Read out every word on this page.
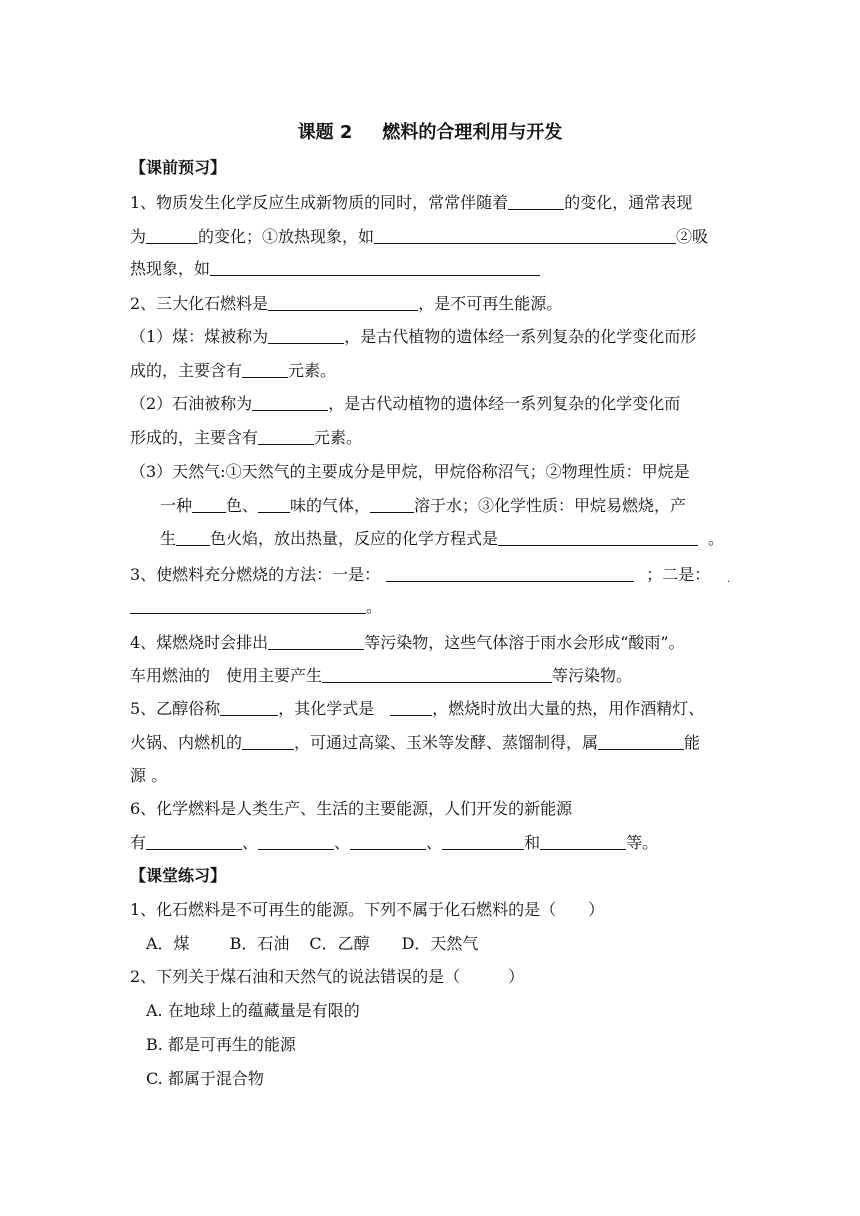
课题 2 燃料的合理利用与开发
【课前预习】
1、物质发生化学反应生成新物质的同时，常常伴随着	的变化，通常表现
为	的变化；①放热现象，如	②吸
热现象，如
2、三大化石燃料是	，是不可再生能源。
（1）煤：煤被称为	，是古代植物的遗体经一系列复杂的化学变化而形
成的，主要含有	元素。
（2）石油被称为	，是古代动植物的遗体经一系列复杂的化学变化而
形成的，主要含有	元素。
（3）天然气:①天然气的主要成分是甲烷，甲烷俗称沼气；②物理性质：甲烷是
一种 色、 味的气体，	溶于水；③化学性质：甲烷易燃烧，产
生 色火焰，放出热量，反应的化学方程式是	。
3、使燃料充分燃烧的方法：一是：	；二是： .
。
4、煤燃烧时会排出	等污染物，这些气体溶于雨水会形成“酸雨”。
车用燃油的　使用主要产生	等污染物。
5、乙醇俗称	，其化学式是	，燃烧时放出大量的热，用作酒精灯、
火锅、内燃机的	，可通过高粱、玉米等发酵、蒸馏制得，属	能
源 。
6、化学燃料是人类生产、生活的主要能源，人们开发的新能源
有	、	、	、	和	等。
【课堂练习】
1、化石燃料是不可再生的能源。下列不属于化石燃料的是（　　）
A．煤	B．石油 C．乙醇 D．天然气
2、下列关于煤石油和天然气的说法错误的是（　　　）
A. 在地球上的蕴藏量是有限的
B. 都是可再生的能源
C. 都属于混合物
